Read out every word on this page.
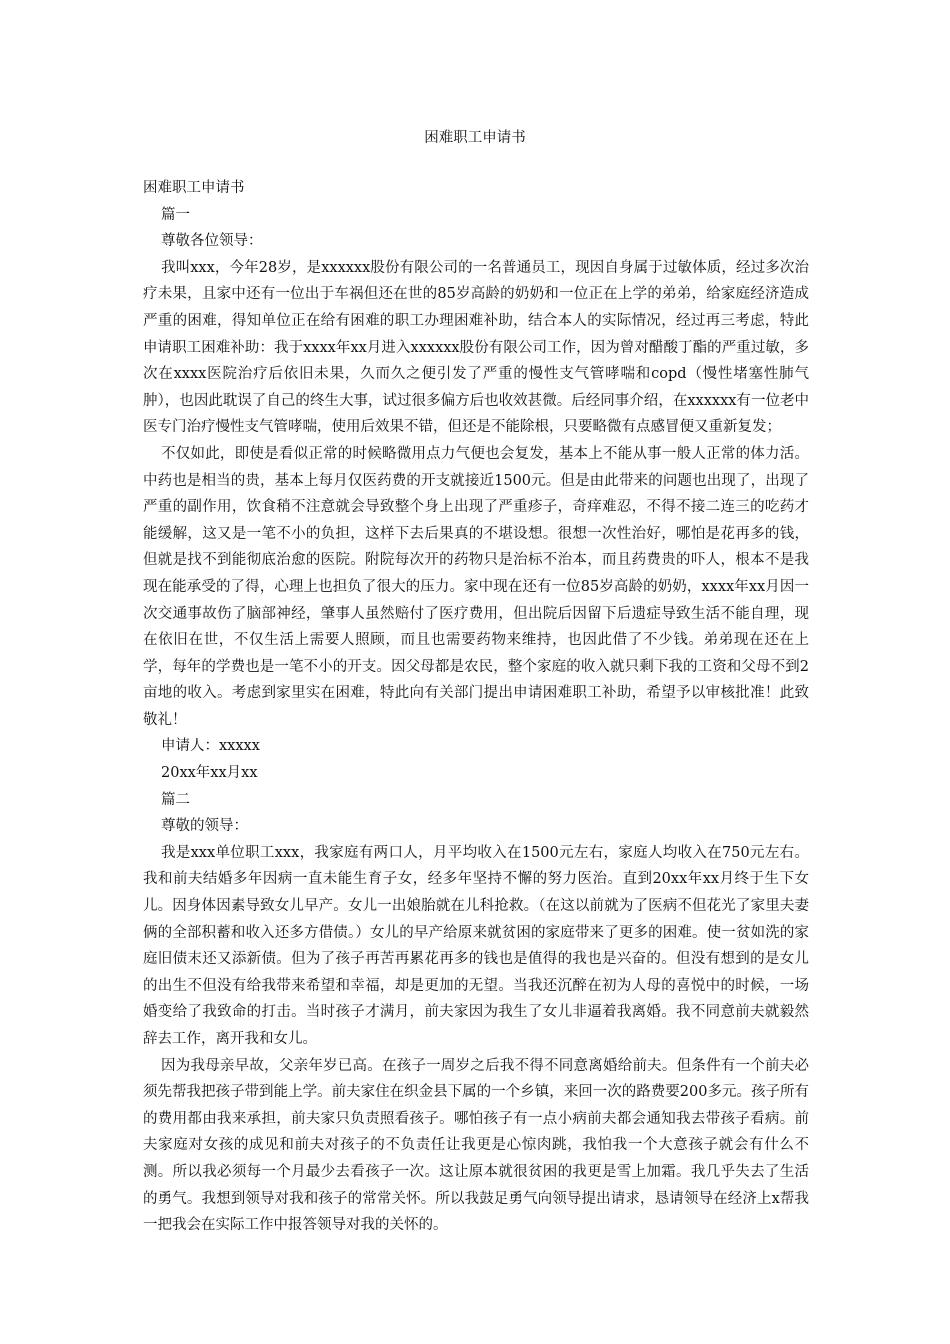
困难职工申请书

困难职工申请书

篇一

尊敬各位领导：

我叫xxx，今年28岁，是xxxxxx股份有限公司的一名普通员工，现因自身属于过敏体质，经过多次治疗未果，且家中还有一位出于车祸但还在世的85岁高龄的奶奶和一位正在上学的弟弟，给家庭经济造成严重的困难，得知单位正在给有困难的职工办理困难补助，结合本人的实际情况，经过再三考虑，特此申请职工困难补助：我于xxxx年xx月进入xxxxxx股份有限公司工作，因为曾对醋酸丁酯的严重过敏，多次在xxxx医院治疗后依旧未果，久而久之便引发了严重的慢性支气管哮喘和copd（慢性堵塞性肺气肿），也因此耽误了自己的终生大事，试过很多偏方后也收效甚微。后经同事介绍，在xxxxxx有一位老中医专门治疗慢性支气管哮喘，使用后效果不错，但还是不能除根，只要略微有点感冒便又重新复发；

不仅如此，即使是看似正常的时候略微用点力气便也会复发，基本上不能从事一般人正常的体力活。中药也是相当的贵，基本上每月仅医药费的开支就接近1500元。但是由此带来的问题也出现了，出现了严重的副作用，饮食稍不注意就会导致整个身上出现了严重疹子，奇痒难忍，不得不接二连三的吃药才能缓解，这又是一笔不小的负担，这样下去后果真的不堪设想。很想一次性治好，哪怕是花再多的钱，但就是找不到能彻底治愈的医院。附院每次开的药物只是治标不治本，而且药费贵的吓人，根本不是我现在能承受的了得，心理上也担负了很大的压力。家中现在还有一位85岁高龄的奶奶，xxxx年xx月因一次交通事故伤了脑部神经，肇事人虽然赔付了医疗费用，但出院后因留下后遗症导致生活不能自理，现在依旧在世，不仅生活上需要人照顾，而且也需要药物来维持，也因此借了不少钱。弟弟现在还在上学，每年的学费也是一笔不小的开支。因父母都是农民，整个家庭的收入就只剩下我的工资和父母不到2亩地的收入。考虑到家里实在困难，特此向有关部门提出申请困难职工补助，希望予以审核批准！此致敬礼！

申请人：xxxxx

20xx年xx月xx

篇二

尊敬的领导：

我是xxx单位职工xxx，我家庭有两口人，月平均收入在1500元左右，家庭人均收入在750元左右。我和前夫结婚多年因病一直未能生育子女，经多年坚持不懈的努力医治。直到20xx年xx月终于生下女儿。因身体因素导致女儿早产。女儿一出娘胎就在儿科抢救。（在这以前就为了医病不但花光了家里夫妻俩的全部积蓄和收入还多方借债。）女儿的早产给原来就贫困的家庭带来了更多的困难。使一贫如洗的家庭旧债末还又添新债。但为了孩子再苦再累花再多的钱也是值得的我也是兴奋的。但没有想到的是女儿的出生不但没有给我带来希望和幸福，却是更加的无望。当我还沉醉在初为人母的喜悦中的时候，一场婚变给了我致命的打击。当时孩子才满月，前夫家因为我生了女儿非逼着我离婚。我不同意前夫就毅然辞去工作，离开我和女儿。

因为我母亲早故，父亲年岁已高。在孩子一周岁之后我不得不同意离婚给前夫。但条件有一个前夫必须先帮我把孩子带到能上学。前夫家住在织金县下属的一个乡镇，来回一次的路费要200多元。孩子所有的费用都由我来承担，前夫家只负责照看孩子。哪怕孩子有一点小病前夫都会通知我去带孩子看病。前夫家庭对女孩的成见和前夫对孩子的不负责任让我更是心惊肉跳，我怕我一个大意孩子就会有什么不测。所以我必须每一个月最少去看孩子一次。这让原本就很贫困的我更是雪上加霜。我几乎失去了生活的勇气。我想到领导对我和孩子的常常关怀。所以我鼓足勇气向领导提出请求，恳请领导在经济上x帮我一把我会在实际工作中报答领导对我的关怀的。
